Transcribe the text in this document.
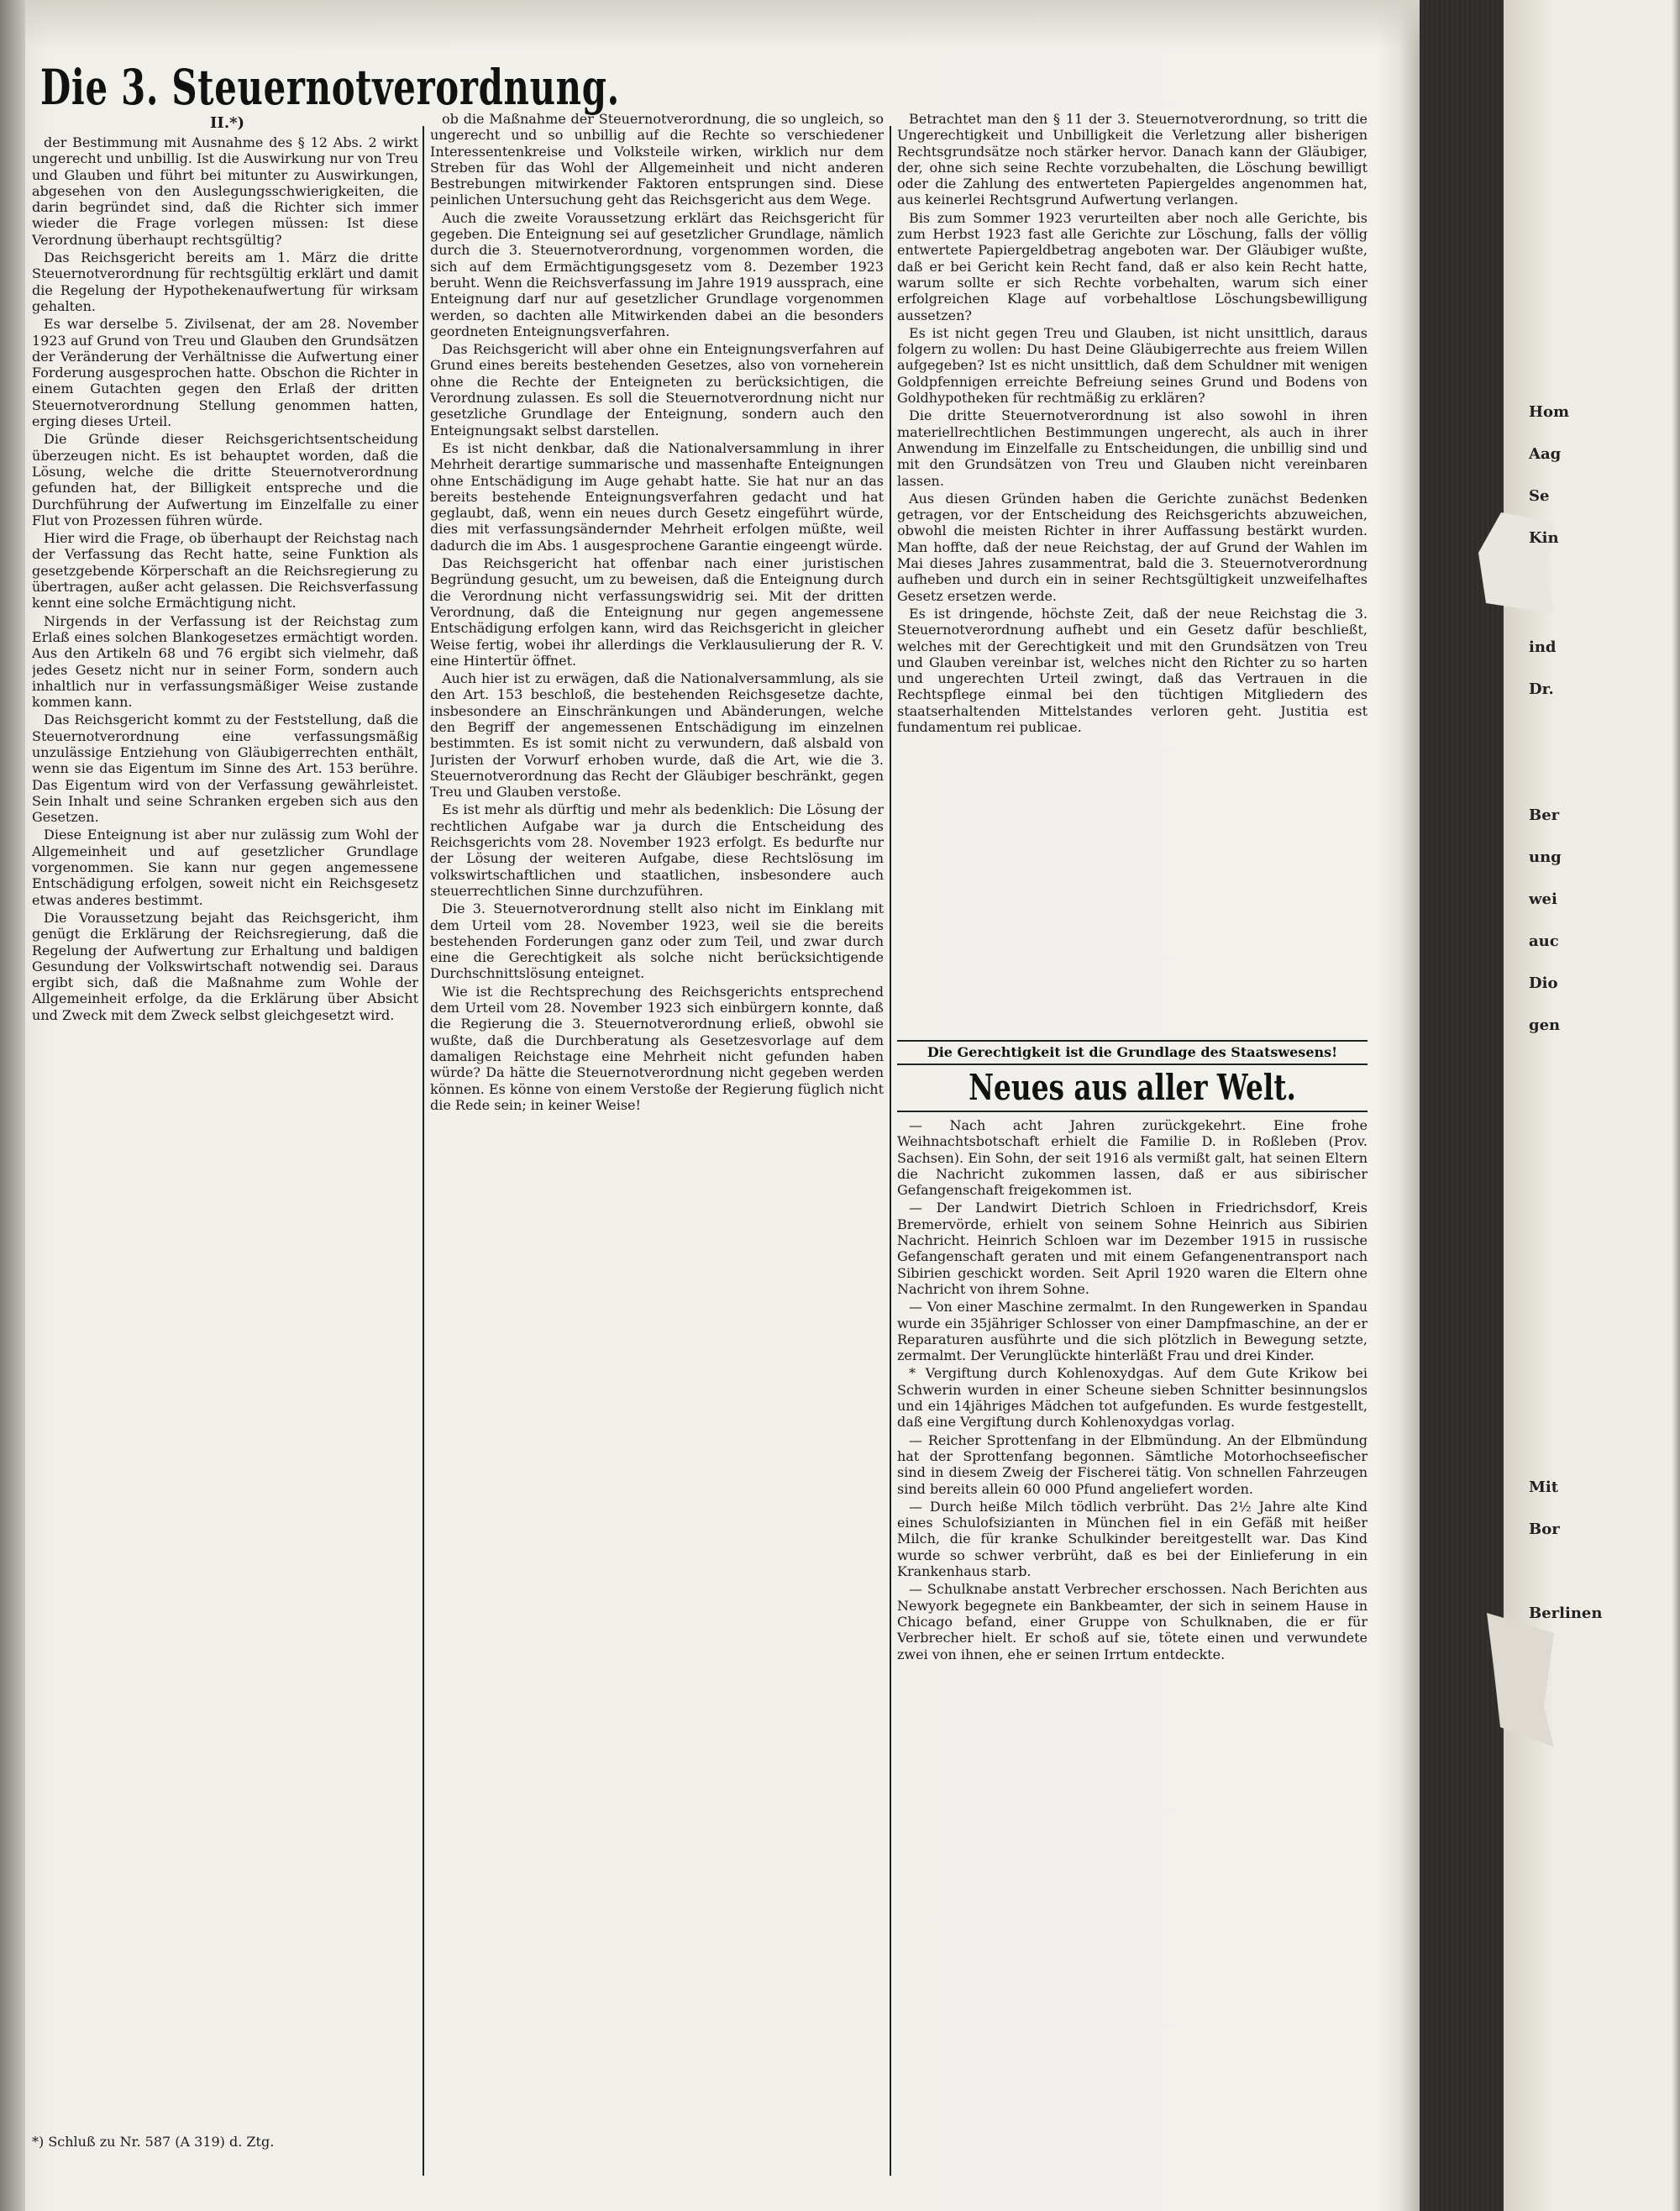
Die 3. Steuernotverordnung.
II.*)

der Bestimmung mit Ausnahme des § 12 Abs. 2 wirkt ungerecht und unbillig. Ist die Auswirkung nur von Treu und Glauben und führt bei mitunter zu Auswirkungen, abgesehen von den Auslegungsschwierigkeiten, die darin begründet sind, daß die Richter sich immer wieder die Frage vorlegen müssen: Ist diese Verordnung überhaupt rechtsgültig?

Das Reichsgericht bereits am 1. März die dritte Steuernotverordnung für rechtsgültig erklärt und damit die Regelung der Hypothekenaufwertung für wirksam gehalten.

Es war derselbe 5. Zivilsenat, der am 28. November 1923 auf Grund von Treu und Glauben den Grundsätzen der Veränderung der Verhältnisse die Aufwertung einer Forderung ausgesprochen hatte. Obschon die Richter in einem Gutachten gegen den Erlaß der dritten Steuernotverordnung Stellung genommen hatten, erging dieses Urteil.

Die Gründe dieser Reichsgerichtsentscheidung überzeugen nicht. Es ist behauptet worden, daß die Lösung, welche die dritte Steuernotverordnung gefunden hat, der Billigkeit entspreche und die Durchführung der Aufwertung im Einzelfalle zu einer Flut von Prozessen führen würde.

Hier wird die Frage, ob überhaupt der Reichstag nach der Verfassung das Recht hatte, seine Funktion als gesetzgebende Körperschaft an die Reichsregierung zu übertragen, außer acht gelassen. Die Reichsverfassung kennt eine solche Ermächtigung nicht.

Nirgends in der Verfassung ist der Reichstag zum Erlaß eines solchen Blankogesetzes ermächtigt worden. Aus den Artikeln 68 und 76 ergibt sich vielmehr, daß jedes Gesetz nicht nur in seiner Form, sondern auch inhaltlich nur in verfassungsmäßiger Weise zustande kommen kann.

Das Reichsgericht kommt zu der Feststellung, daß die Steuernotverordnung eine verfassungsmäßig unzulässige Entziehung von Gläubigerrechten enthält, wenn sie das Eigentum im Sinne des Art. 153 berühre. Das Eigentum wird von der Verfassung gewährleistet. Sein Inhalt und seine Schranken ergeben sich aus den Gesetzen.

Diese Enteignung ist aber nur zulässig zum Wohl der Allgemeinheit und auf gesetzlicher Grundlage vorgenommen. Sie kann nur gegen angemessene Entschädigung erfolgen, soweit nicht ein Reichsgesetz etwas anderes bestimmt.

Die Voraussetzung bejaht das Reichsgericht, ihm genügt die Erklärung der Reichsregierung, daß die Regelung der Aufwertung zur Erhaltung und baldigen Gesundung der Volkswirtschaft notwendig sei. Daraus ergibt sich, daß die Maßnahme zum Wohle der Allgemeinheit erfolge, da die Erklärung über Absicht und Zweck mit dem Zweck selbst gleichgesetzt wird.

ob die Maßnahme der Steuernotverordnung, die so ungleich, so ungerecht und so unbillig auf die Rechte so verschiedener Interessentenkreise und Volksteile wirken, wirklich nur dem Streben für das Wohl der Allgemeinheit und nicht anderen Bestrebungen mitwirkender Faktoren entsprungen sind. Diese peinlichen Untersuchung geht das Reichsgericht aus dem Wege.

Auch die zweite Voraussetzung erklärt das Reichsgericht für gegeben. Die Enteignung sei auf gesetzlicher Grundlage, nämlich durch die 3. Steuernotverordnung, vorgenommen worden, die sich auf dem Ermächtigungsgesetz vom 8. Dezember 1923 beruht. Wenn die Reichsverfassung im Jahre 1919 aussprach, eine Enteignung darf nur auf gesetzlicher Grundlage vorgenommen werden, so dachten alle Mitwirkenden dabei an die besonders geordneten Enteignungsverfahren.

Das Reichsgericht will aber ohne ein Enteignungsverfahren auf Grund eines bereits bestehenden Gesetzes, also von vorneherein ohne die Rechte der Enteigneten zu berücksichtigen, die Verordnung zulassen. Es soll die Steuernotverordnung nicht nur gesetzliche Grundlage der Enteignung, sondern auch den Enteignungsakt selbst darstellen.

Es ist nicht denkbar, daß die Nationalversammlung in ihrer Mehrheit derartige summarische und massenhafte Enteignungen ohne Entschädigung im Auge gehabt hatte. Sie hat nur an das bereits bestehende Enteignungsverfahren gedacht und hat geglaubt, daß, wenn ein neues durch Gesetz eingeführt würde, dies mit verfassungsändernder Mehrheit erfolgen müßte, weil dadurch die im Abs. 1 ausgesprochene Garantie eingeengt würde.

Das Reichsgericht hat offenbar nach einer juristischen Begründung gesucht, um zu beweisen, daß die Enteignung durch die Verordnung nicht verfassungswidrig sei. Mit der dritten Verordnung, daß die Enteignung nur gegen angemessene Entschädigung erfolgen kann, wird das Reichsgericht in gleicher Weise fertig, wobei ihr allerdings die Verklausulierung der R. V. eine Hintertür öffnet.

Auch hier ist zu erwägen, daß die Nationalversammlung, als sie den Art. 153 beschloß, die bestehenden Reichsgesetze dachte, insbesondere an Einschränkungen und Abänderungen, welche den Begriff der angemessenen Entschädigung im einzelnen bestimmten. Es ist somit nicht zu verwundern, daß alsbald von Juristen der Vorwurf erhoben wurde, daß die Art, wie die 3. Steuernotverordnung das Recht der Gläubiger beschränkt, gegen Treu und Glauben verstoße.

Es ist mehr als dürftig und mehr als bedenklich: Die Lösung der rechtlichen Aufgabe war ja durch die Entscheidung des Reichsgerichts vom 28. November 1923 erfolgt. Es bedurfte nur der Lösung der weiteren Aufgabe, diese Rechtslösung im volkswirtschaftlichen und staatlichen, insbesondere auch steuerrechtlichen Sinne durchzuführen.

Die 3. Steuernotverordnung stellt also nicht im Einklang mit dem Urteil vom 28. November 1923, weil sie die bereits bestehenden Forderungen ganz oder zum Teil, und zwar durch eine die Gerechtigkeit als solche nicht berücksichtigende Durchschnittslösung enteignet.

Wie ist die Rechtsprechung des Reichsgerichts entsprechend dem Urteil vom 28. November 1923 sich einbürgern konnte, daß die Regierung die 3. Steuernotverordnung erließ, obwohl sie wußte, daß die Durchberatung als Gesetzesvorlage auf dem damaligen Reichstage eine Mehrheit nicht gefunden haben würde? Da hätte die Steuernotverordnung nicht gegeben werden können. Es könne von einem Verstoße der Regierung füglich nicht die Rede sein; in keiner Weise!

Betrachtet man den § 11 der 3. Steuernotverordnung, so tritt die Ungerechtigkeit und Unbilligkeit die Verletzung aller bisherigen Rechtsgrundsätze noch stärker hervor. Danach kann der Gläubiger, der, ohne sich seine Rechte vorzubehalten, die Löschung bewilligt oder die Zahlung des entwerteten Papiergeldes angenommen hat, aus keinerlei Rechtsgrund Aufwertung verlangen.

Bis zum Sommer 1923 verurteilten aber noch alle Gerichte, bis zum Herbst 1923 fast alle Gerichte zur Löschung, falls der völlig entwertete Papiergeldbetrag angeboten war. Der Gläubiger wußte, daß er bei Gericht kein Recht fand, daß er also kein Recht hatte, warum sollte er sich Rechte vorbehalten, warum sich einer erfolgreichen Klage auf vorbehaltlose Löschungsbewilligung aussetzen?

Es ist nicht gegen Treu und Glauben, ist nicht unsittlich, daraus folgern zu wollen: Du hast Deine Gläubigerrechte aus freiem Willen aufgegeben? Ist es nicht unsittlich, daß dem Schuldner mit wenigen Goldpfennigen erreichte Befreiung seines Grund und Bodens von Goldhypotheken für rechtmäßig zu erklären?

Die dritte Steuernotverordnung ist also sowohl in ihren materiellrechtlichen Bestimmungen ungerecht, als auch in ihrer Anwendung im Einzelfalle zu Entscheidungen, die unbillig sind und mit den Grundsätzen von Treu und Glauben nicht vereinbaren lassen.

Aus diesen Gründen haben die Gerichte zunächst Bedenken getragen, vor der Entscheidung des Reichsgerichts abzuweichen, obwohl die meisten Richter in ihrer Auffassung bestärkt wurden. Man hoffte, daß der neue Reichstag, der auf Grund der Wahlen im Mai dieses Jahres zusammentrat, bald die 3. Steuernotverordnung aufheben und durch ein in seiner Rechtsgültigkeit unzweifelhaftes Gesetz ersetzen werde.

Es ist dringende, höchste Zeit, daß der neue Reichstag die 3. Steuernotverordnung aufhebt und ein Gesetz dafür beschließt, welches mit der Gerechtigkeit und mit den Grundsätzen von Treu und Glauben vereinbar ist, welches nicht den Richter zu so harten und ungerechten Urteil zwingt, daß das Vertrauen in die Rechtspflege einmal bei den tüchtigen Mitgliedern des staatserhaltenden Mittelstandes verloren geht. Justitia est fundamentum rei publicae.

Die Gerechtigkeit ist die Grundlage des Staatswesens!
Neues aus aller Welt.

— Nach acht Jahren zurückgekehrt. Eine frohe Weihnachtsbotschaft erhielt die Familie D. in Roßleben (Prov. Sachsen). Ein Sohn, der seit 1916 als vermißt galt, hat seinen Eltern die Nachricht zukommen lassen, daß er aus sibirischer Gefangenschaft freigekommen ist.

— Der Landwirt Dietrich Schloen in Friedrichsdorf, Kreis Bremervörde, erhielt von seinem Sohne Heinrich aus Sibirien Nachricht. Heinrich Schloen war im Dezember 1915 in russische Gefangenschaft geraten und mit einem Gefangenentransport nach Sibirien geschickt worden. Seit April 1920 waren die Eltern ohne Nachricht von ihrem Sohne.

— Von einer Maschine zermalmt. In den Rungewerken in Spandau wurde ein 35jähriger Schlosser von einer Dampfmaschine, an der er Reparaturen ausführte und die sich plötzlich in Bewegung setzte, zermalmt. Der Verunglückte hinterläßt Frau und drei Kinder.

* Vergiftung durch Kohlenoxydgas. Auf dem Gute Krikow bei Schwerin wurden in einer Scheune sieben Schnitter besinnungslos und ein 14jähriges Mädchen tot aufgefunden. Es wurde festgestellt, daß eine Vergiftung durch Kohlenoxydgas vorlag.

— Reicher Sprottenfang in der Elbmündung. An der Elbmündung hat der Sprottenfang begonnen. Sämtliche Motorhochseefischer sind in diesem Zweig der Fischerei tätig. Von schnellen Fahrzeugen sind bereits allein 60 000 Pfund angeliefert worden.

— Durch heiße Milch tödlich verbrüht. Das 2½ Jahre alte Kind eines Schulofsizianten in München fiel in ein Gefäß mit heißer Milch, die für kranke Schulkinder bereitgestellt war. Das Kind wurde so schwer verbrüht, daß es bei der Einlieferung in ein Krankenhaus starb.

— Schulknabe anstatt Verbrecher erschossen. Nach Berichten aus Newyork begegnete ein Bankbeamter, der sich in seinem Hause in Chicago befand, einer Gruppe von Schulknaben, die er für Verbrecher hielt. Er schoß auf sie, tötete einen und verwundete zwei von ihnen, ehe er seinen Irrtum entdeckte.

*) Schluß zu Nr. 587 (A 319) d. Ztg.
Hom
Aag
Se
Kin
ind
Dr.
Ber
ung
wei
auc
Dio
gen
Mit
Bor
Berlinen
